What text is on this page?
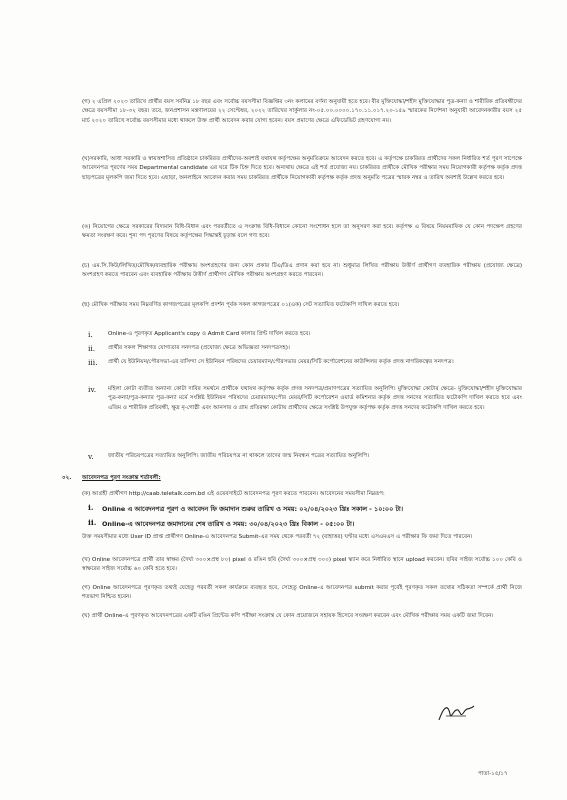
(গ) ২ এপ্রিল ২০২৩ তারিখে প্রার্থীর বয়স সর্বনিম্ন ১৮ বছর এবং সর্বোচ্চ বয়সসীমা বিজ্ঞপ্তির ৩নং কলামের বর্ণনা অনুযায়ী হতে হবে। বীর মুক্তিযোদ্ধা/শহীদ মুক্তিযোদ্ধার পুত্র-কন্যা ও শারীরিক প্রতিবন্ধীদের ক্ষেত্রে বয়সসীমা ১৮-৩২ বছর। তবে, জনপ্রশাসন মন্ত্রণালয়ের ২২ সেপ্টেম্বর, ২০২২ তারিখের সার্কুলার নং-০৫.০০.০০০০.১৭০.১১.০১৭.২০-১৫৯ স্মারকের নির্দেশনা অনুযায়ী আবেদনকারীর বয়স ২৫ মার্চ ২০২০ তারিখে সর্বোচ্চ বয়সসীমার মধ্যে থাকলে উক্ত প্রার্থী আবেদন করার যোগ্য হবেন। বয়স প্রমাণের ক্ষেত্রে এফিডেভিট গ্রহণযোগ্য নয়।
(ঘ)সরকারি, আধা সরকারি ও স্বায়ত্তশাসিত প্রতিষ্ঠানে চাকরিরত প্রার্থীদের-অবশ্যই যথাযথ কর্তৃপক্ষের অনুমতিক্রমে আবেদন করতে হবে। এ কর্তৃপক্ষে চাকরিরত প্রার্থীদের সকল নির্ধারিত শর্ত পূরণ সাপেক্ষে আবেদনপত্র পূরণের সময় Departmental candidate এর ঘরে টিক চিহ্ন দিতে হবে। অন্যথায় ক্ষেত্রে এই শর্ত প্রযোজ্য নয়। চাকরিরত প্রার্থীকে মৌখিক পরীক্ষার সময় নিয়োগকারী কর্তৃপক্ষ কর্তৃক প্রদত্ত ছাড়পত্রের মূলকপি জমা দিতে হবে। এছাড়া, অনলাইনে আবেদন করার সময় চাকরিরত প্রার্থীকে নিয়োগকারী কর্তৃপক্ষ কর্তৃক প্রদত্ত অনুমতি পত্রের স্মারক নম্বর ও তারিখ অবশ্যই উল্লেখ করতে হবে।
(ঙ) নিয়োগের ক্ষেত্রে সরকারের বিদ্যমান বিধি-বিধান এবং পরবর্তীতে এ সংক্রান্ত বিধি-বিধানে কোনো সংশোধন হলে তা অনুসরণ করা হবে। কর্তৃপক্ষ এ বিষয়ে নিয়মমাফিক যে কোন পদক্ষেপ গ্রহণের ক্ষমতা সংরক্ষণ করে। শূন্য পদ পূরণের বিষয়ে কর্তৃপক্ষের সিদ্ধান্তই চূড়ান্ত বলে গণ্য হবে।
(চ) এম.সি.কিউ/লিখিত/মৌখিক/ব্যবহারিক পরীক্ষায় অংশগ্রহণের জন্য কোন প্রকার টিএ/ডিএ প্রদান করা হবে না। শুধুমাত্র লিখিত পরীক্ষায় উত্তীর্ণ প্রার্থীগণ ব্যবহারিক পরীক্ষায় (প্রযোজ্য ক্ষেত্রে) অংশগ্রহণ করতে পারবেন এবং ব্যবহারিক পরীক্ষায় উত্তীর্ণ প্রার্থীগণ মৌখিক পরীক্ষায় অংশগ্রহণ করতে পারবেন।
(ছ) মৌখিক পরীক্ষার সময় নিম্নবর্ণিত কাগজপত্রের মূলকপি প্রদর্শন পূর্বক সকল কাগজপত্রের ০১(এক) সেট সত্যায়িত ফটোকপি দাখিল করতে হবে।
i.	Online-এ পূরণকৃত Applicant's copy ও Admit Card কালার প্রিন্ট দাখিল করতে হবে।
ii. প্রার্থীর সকল শিক্ষাগত যোগ্যতার সনদপত্র (প্রযোজ্য ক্ষেত্রে অভিজ্ঞতা সনদপত্রসহ)।
iii. প্রার্থী যে ইউনিয়ন/পৌরসভা-এর বাসিন্দা সে ইউনিয়ন পরিষদের চেয়ারম্যান/পৌরসভার মেয়র/সিটি কর্পোরেশনের কাউন্সিলর কর্তৃক প্রদত্ত নাগরিকত্বের সনদপত্র।
iv. মহিলা কোটা ব্যতীত অন্যান্য কোটা দাবির সমর্থনে প্রার্থীকে যথাযথ কর্তৃপক্ষ কর্তৃক প্রদত্ত সনদপত্র/প্রমাণপত্রের সত্যায়িত অনুলিপি। মুক্তিযোদ্ধা কোটার ক্ষেত্রে- মুক্তিযোদ্ধা/শহীদ মুক্তিযোদ্ধার পুত্র-কন্যা/পুত্র-কন্যার পুত্র-কন্যা মর্মে সংশ্লিষ্ট ইউনিয়ন পরিষদের চেয়ারম্যান/পৌর মেয়র/সিটি কর্পোরেশন ওয়ার্ড কমিশনার কর্তৃক প্রদত্ত সনদের সত্যায়িত ফটোকপি দাখিল করতে হবে এবং এতিম ও শারীরিক প্রতিবন্ধী, ক্ষুদ্র নৃ-গোষ্ঠী এবং আনসার ও গ্রাম প্রতিরক্ষা কোটায় প্রার্থীদের ক্ষেত্রে সংশ্লিষ্ট উপযুক্ত কর্তৃপক্ষ কর্তৃক প্রদত্ত সনদের ফটোকপি দাখিল করতে হবে।
v.	জাতীয় পরিচয়পত্রের সত্যায়িত অনুলিপি। জাতীয় পরিচয়পত্র না থাকলে তাদের জন্ম নিবন্ধন পত্রের সত্যায়িত অনুলিপি।
০২. আবেদনপত্র পূরণ সংক্রান্ত শর্তাবলী:
(ক) আগ্রহী প্রার্থীগণ http://caab.teletalk.com.bd এই ওয়েবসাইটে আবেদনপত্র পূরণ করতে পারবেন। আবেদনের সময়সীমা নিম্নরূপ:
i. Online এ আবেদনপত্র পূরণ ও আবেদন ফি জমাদান শুরুর তারিখ ও সময়: ০২/০৪/২০২৩ খ্রিঃ সকাল - ১০:০০ টা।
ii. Online-এ আবেদনপত্র জমাদানের শেষ তারিখ ও সময়: ৩০/০৪/২০২৩ খ্রিঃ বিকাল - ০৫:০০ টা।
উক্ত সময়সীমার মধ্যে User ID প্রাপ্ত প্রার্থীগণ Online-এ আবেদনপত্র Submit-এর সময় থেকে পরবর্তী ৭২ (বাহাত্তর) ঘণ্টার মধ্যে এসএমএস এ পরীক্ষার ফি জমা দিতে পারবেন।
(খ) Online আবেদনপত্রে প্রার্থী তার স্বাক্ষর (দৈর্ঘ্য ৩০০×প্রস্থ ৮০) pixel ও রঙিন ছবি (দৈর্ঘ্য ৩০০×প্রস্থ ৩০০) pixel স্ক্যান করে নির্ধারিত স্থানে upload করবেন। ছবির সাইজ সর্বোচ্চ ১০০ কেবি ও স্বাক্ষরের সাইজ সর্বোচ্চ ৬০ কেবি হতে হবে।
(গ) Online আবেদনপত্রে পূরণকৃত তথ্যই যেহেতু পরবর্তী সকল কার্যক্রমে ব্যবহৃত হবে, সেহেতু Online-এ আবেদনপত্র submit করার পূর্বেই পূরণকৃত সকল তথ্যের সঠিকতা সম্পর্কে প্রার্থী নিজে শতভাগ নিশ্চিত হবেন।
(ঘ) প্রার্থী Online-এ পূরণকৃত আবেদনপত্রের একটি রঙিন প্রিন্টেড কপি পরীক্ষা সংক্রান্ত যে কোন প্রয়োজনে সহায়ক হিসেবে সংরক্ষণ করবেন এবং মৌখিক পরীক্ষার সময় একটি জমা দিবেন।
পাতা-১৫/১৭
